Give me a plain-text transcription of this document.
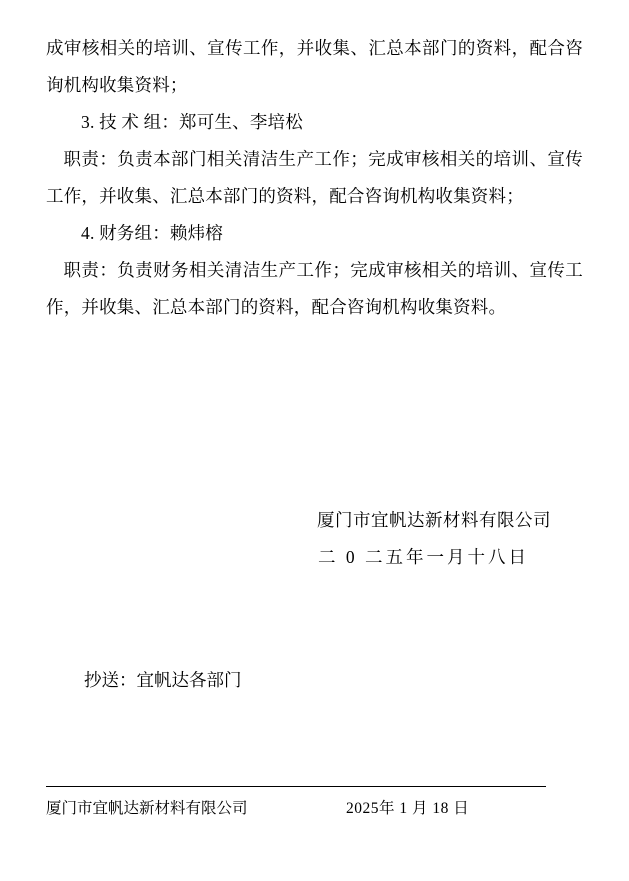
成审核相关的培训、宣传工作，并收集、汇总本部门的资料，配合咨询机构收集资料；

3. 技 术 组：郑可生、李培松

职责：负责本部门相关清洁生产工作；完成审核相关的培训、宣传工作，并收集、汇总本部门的资料，配合咨询机构收集资料；

4. 财务组：赖炜榕

职责：负责财务相关清洁生产工作；完成审核相关的培训、宣传工作，并收集、汇总本部门的资料，配合咨询机构收集资料。

厦门市宜帆达新材料有限公司

二 0 二五年一月十八日

抄送：宜帆达各部门

厦门市宜帆达新材料有限公司	2025年 1 月 18 日
